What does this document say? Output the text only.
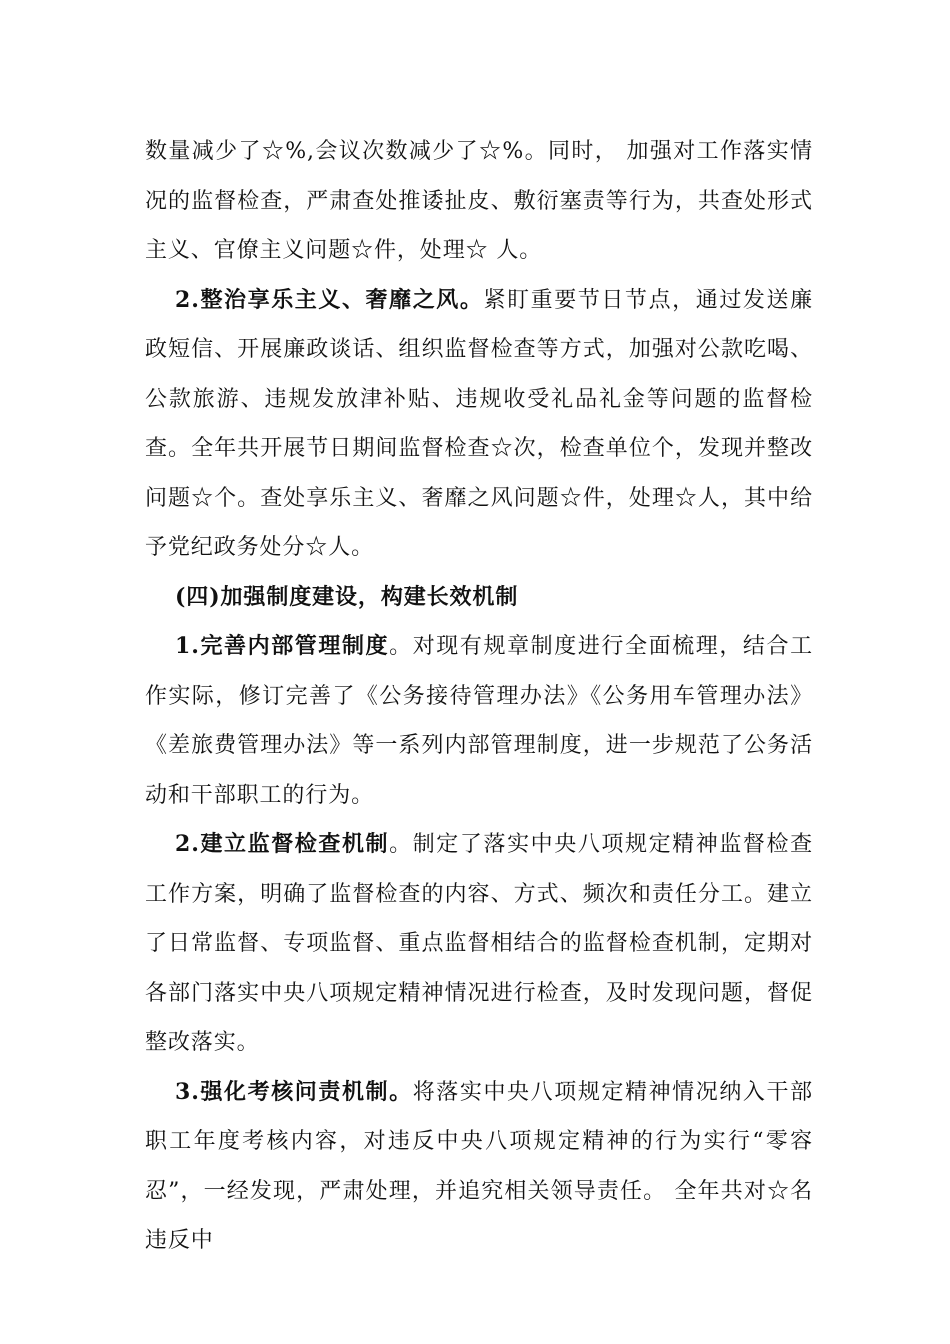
数量减少了☆%,会议次数减少了☆%。同时， 加强对工作落实情况的监督检查，严肃查处推诿扯皮、敷衍塞责等行为，共查处形式主义、官僚主义问题☆件，处理☆ 人。

2.整治享乐主义、奢靡之风。紧盯重要节日节点，通过发送廉政短信、开展廉政谈话、组织监督检查等方式，加强对公款吃喝、公款旅游、违规发放津补贴、违规收受礼品礼金等问题的监督检查。全年共开展节日期间监督检查☆次，检查单位个，发现并整改问题☆个。查处享乐主义、奢靡之风问题☆件，处理☆人，其中给予党纪政务处分☆人。

(四)加强制度建设，构建长效机制

1.完善内部管理制度。对现有规章制度进行全面梳理，结合工作实际，修订完善了《公务接待管理办法》《公务用车管理办法》《差旅费管理办法》等一系列内部管理制度，进一步规范了公务活动和干部职工的行为。

2.建立监督检查机制。制定了落实中央八项规定精神监督检查工作方案，明确了监督检查的内容、方式、频次和责任分工。建立了日常监督、专项监督、重点监督相结合的监督检查机制，定期对各部门落实中央八项规定精神情况进行检查，及时发现问题，督促整改落实。

3.强化考核问责机制。将落实中央八项规定精神情况纳入干部职工年度考核内容，对违反中央八项规定精神的行为实行“零容忍”，一经发现，严肃处理，并追究相关领导责任。 全年共对☆名违反中
